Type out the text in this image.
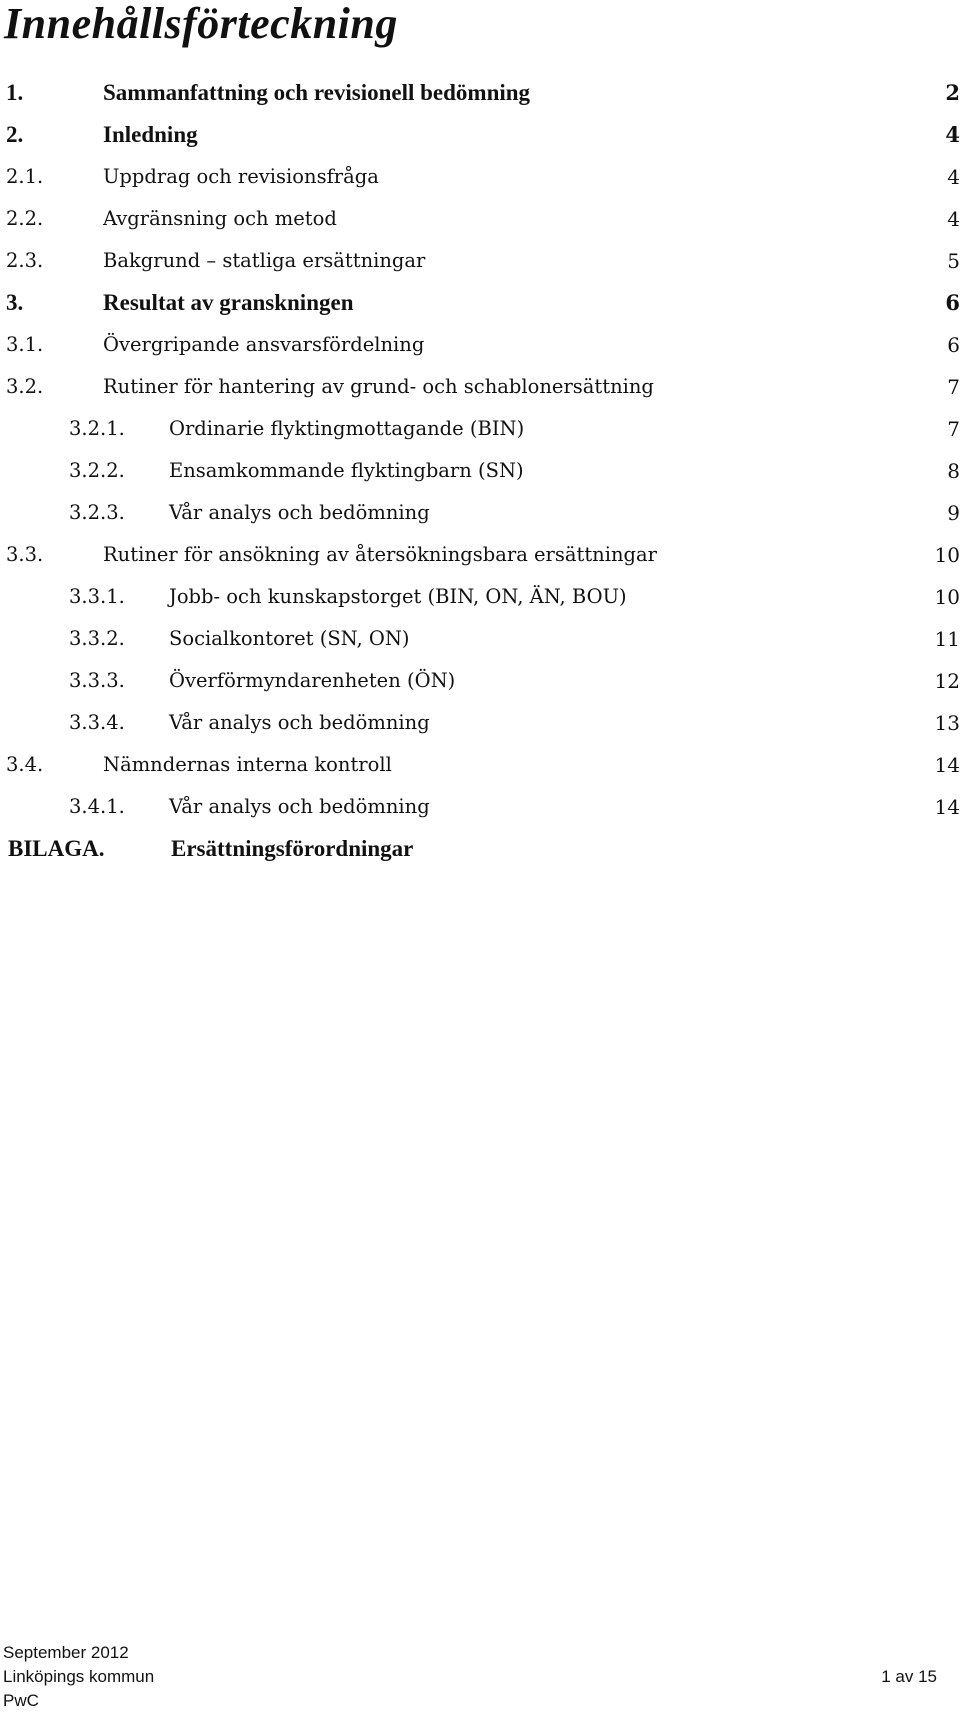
Innehållsförteckning
1.	Sammanfattning och revisionell bedömning	2
2.	Inledning	4
2.1.	Uppdrag och revisionsfråga	4
2.2.	Avgränsning och metod	4
2.3.	Bakgrund – statliga ersättningar	5
3.	Resultat av granskningen	6
3.1.	Övergripande ansvarsfördelning	6
3.2.	Rutiner för hantering av grund- och schablonersättning	7
3.2.1. Ordinarie flyktingmottagande (BIN)	7
3.2.2. Ensamkommande flyktingbarn (SN)	8
3.2.3. Vår analys och bedömning	9
3.3.	Rutiner för ansökning av återsökningsbara ersättningar	10
3.3.1. Jobb- och kunskapstorget (BIN, ON, ÄN, BOU)	10
3.3.2. Socialkontoret (SN, ON)	11
3.3.3. Överförmyndarenheten (ÖN)	12
3.3.4. Vår analys och bedömning	13
3.4.	Nämndernas interna kontroll	14
3.4.1. Vår analys och bedömning	14
BILAGA.	Ersättningsförordningar
September 2012
Linköpings kommun	1 av 15
PwC
